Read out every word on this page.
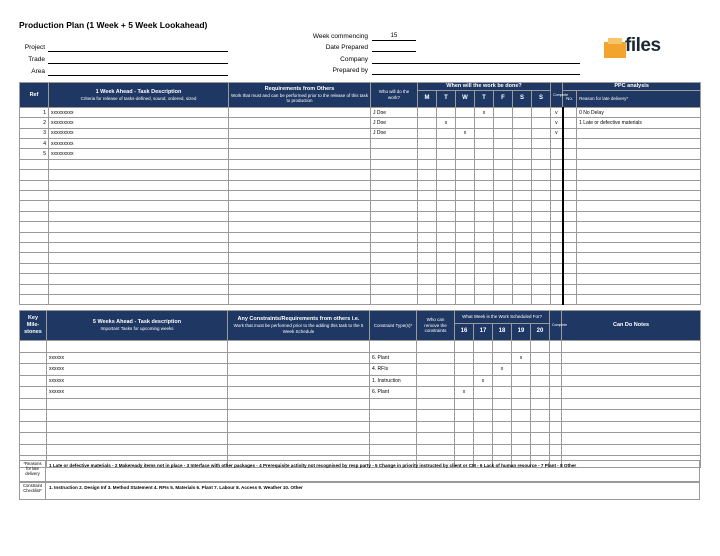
Production Plan (1 Week + 5 Week Lookahead)
Project
Trade
Area
Week commencing	15
Date Prepared
Company
Prepared by
files
Ref	1 Week Ahead - Task Description
Criteria for release of tasks-defined, sound, ordered, sized	Requirements from Others
Work that must and can be performed prior to the release of this task to production	Who will do the work?	When will the work be done?							Complete	PPC analysis	

				M	T	W	T	F	S	S		No.	Reason for late delivery*

1	xxxxxxxxx		J Doe				x				v		0 No Delay
2	xxxxxxxxx		J Doe		x						v		1 Late or defective materials
3	xxxxxxxxx		J Doe			x					v		
4	xxxxxxxxx												
5	xxxxxxxxx												

Key Mile-stones	5 Weeks Ahead - Task description
Important Tasks for upcoming weeks	Any Constraints/Requirements from others i.e.
Work that must be performed prior to the adding this task to the 5 Week Schedule	Constraint Type(s)*	Who can remove the constraints	What Week is the Work Scheduled For?					Complete	Can Do Notes

					16	17	18	19	20		

	xxxxxx		6. Plant					x			
	xxxxxx		4. RFIs				x				
	xxxxxx		1. Instruction			x					
	xxxxxx		6. Plant		x						

*Reasons for late delivery
1 Late or defective materials - 2 Makeready items not in place - 3 Interface with other packages - 4 Prerequisite activity not recognised by resp party - 5 Change in priority instructed by client or CM - 6 Lack of human resource - 7 Plant - 8 Other
Constraint Checklist*
1. Instruction 2. Design Inf 3. Method Statement 4. RFIs 5. Materials 6. Plant 7. Labour 8. Access 9. Weather 10. Other
